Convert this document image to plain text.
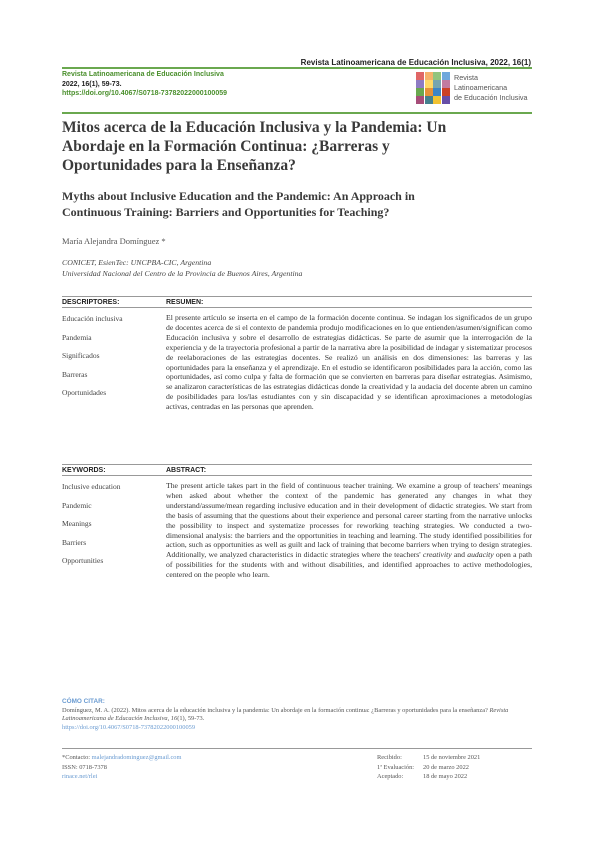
Revista Latinoamericana de Educación Inclusiva, 2022, 16(1)
Revista Latinoamericana de Educación Inclusiva
2022, 16(1), 59-73.
https://doi.org/10.4067/S0718-73782022000100059
Revista
Latinoamericana
de Educación Inclusiva
Mitos acerca de la Educación Inclusiva y la Pandemia: Un Abordaje en la Formación Continua: ¿Barreras y Oportunidades para la Enseñanza?
Myths about Inclusive Education and the Pandemic: An Approach in Continuous Training: Barriers and Opportunities for Teaching?
María Alejandra Domínguez *
CONICET, EsienTec: UNCPBA-CIC, Argentina
Universidad Nacional del Centro de la Provincia de Buenos Aires, Argentina
DESCRIPTORES:	RESUMEN:
Educación inclusiva
Pandemia
Significados
Barreras
Oportunidades

El presente artículo se inserta en el campo de la formación docente continua. Se indagan los significados de un grupo de docentes acerca de si el contexto de pandemia produjo modificaciones en lo que entienden/asumen/significan como Educación inclusiva y sobre el desarrollo de estrategias didácticas. Se parte de asumir que la interrogación de la experiencia y de la trayectoria profesional a partir de la narrativa abre la posibilidad de indagar y sistematizar procesos de reelaboraciones de las estrategias docentes. Se realizó un análisis en dos dimensiones: las barreras y las oportunidades para la enseñanza y el aprendizaje. En el estudio se identificaron posibilidades para la acción, como las oportunidades, así como culpa y falta de formación que se convierten en barreras para diseñar estrategias. Asimismo, se analizaron características de las estrategias didácticas donde la creatividad y la audacia del docente abren un camino de posibilidades para los/las estudiantes con y sin discapacidad y se identifican aproximaciones a metodologías activas, centradas en las personas que aprenden.

KEYWORDS:	ABSTRACT:
Inclusive education
Pandemic
Meanings
Barriers
Opportunities

The present article takes part in the field of continuous teacher training. We examine a group of teachers' meanings when asked about whether the context of the pandemic has generated any changes in what they understand/assume/mean regarding inclusive education and in their development of didactic strategies. We start from the basis of assuming that the questions about their experience and personal career starting from the narrative unlocks the possibility to inspect and systematize processes for reworking teaching strategies. We conducted a two-dimensional analysis: the barriers and the opportunities in teaching and learning. The study identified possibilities for action, such as opportunities as well as guilt and lack of training that become barriers when trying to design strategies. Additionally, we analyzed characteristics in didactic strategies where the teachers' creativity and audacity open a path of possibilities for the students with and without disabilities, and identified approaches to active methodologies, centered on the people who learn.

CÓMO CITAR:
Domínguez, M. A. (2022). Mitos acerca de la educación inclusiva y la pandemia: Un abordaje en la formación continua: ¿Barreras y oportunidades para la enseñanza? Revista Latinoamericana de Educación Inclusiva, 16(1), 59-73.
https://doi.org/10.4067/S0718-73782022000100059
*Contacto: malejandradominguez@gmail.com
ISSN: 0718-7378
rinace.net/rlei
Recibido:	15 de noviembre 2021
1ª Evaluación: 20 de marzo 2022
Aceptado:	18 de mayo 2022
